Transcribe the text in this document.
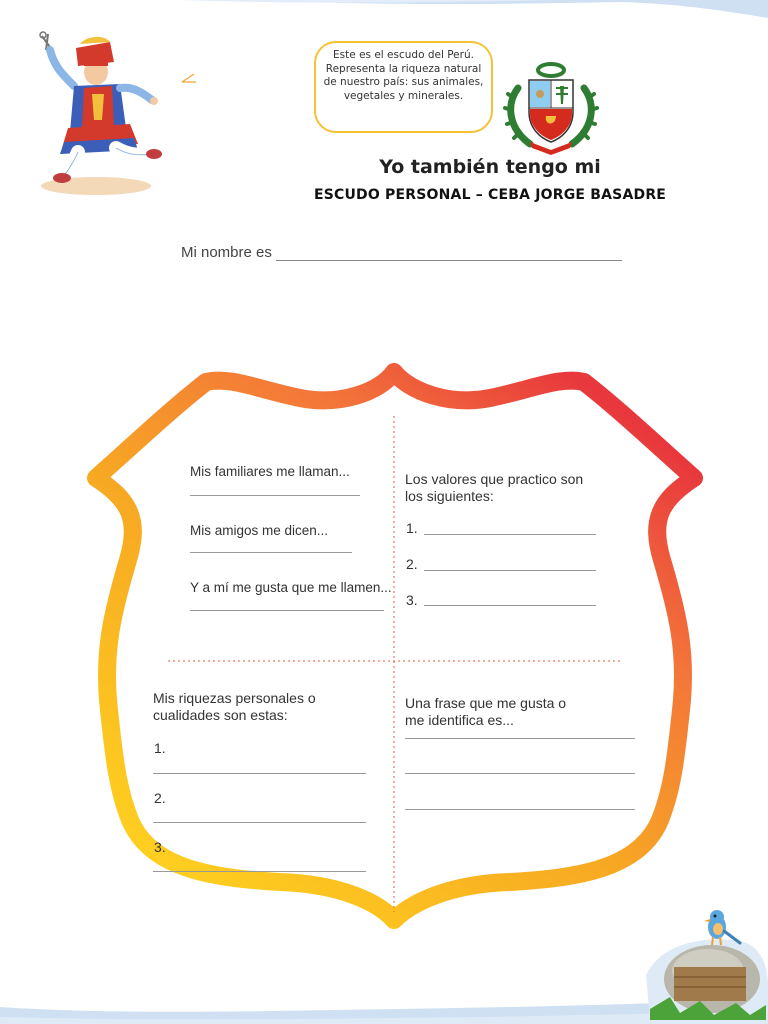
Este es el escudo del Perú.
Representa la riqueza natural
de nuestro país: sus animales,
vegetales y minerales.
Yo también tengo mi
ESCUDO PERSONAL – CEBA JORGE BASADRE
Mi nombre es
Mis familiares me llaman...
Mis amigos me dicen...
Y a mí me gusta que me llamen...
Los valores que practico son
los siguientes:
1.
2.
3.
Mis riquezas personales o
cualidades son estas:
1.
2.
3.
Una frase que me gusta o
me identifica es...
